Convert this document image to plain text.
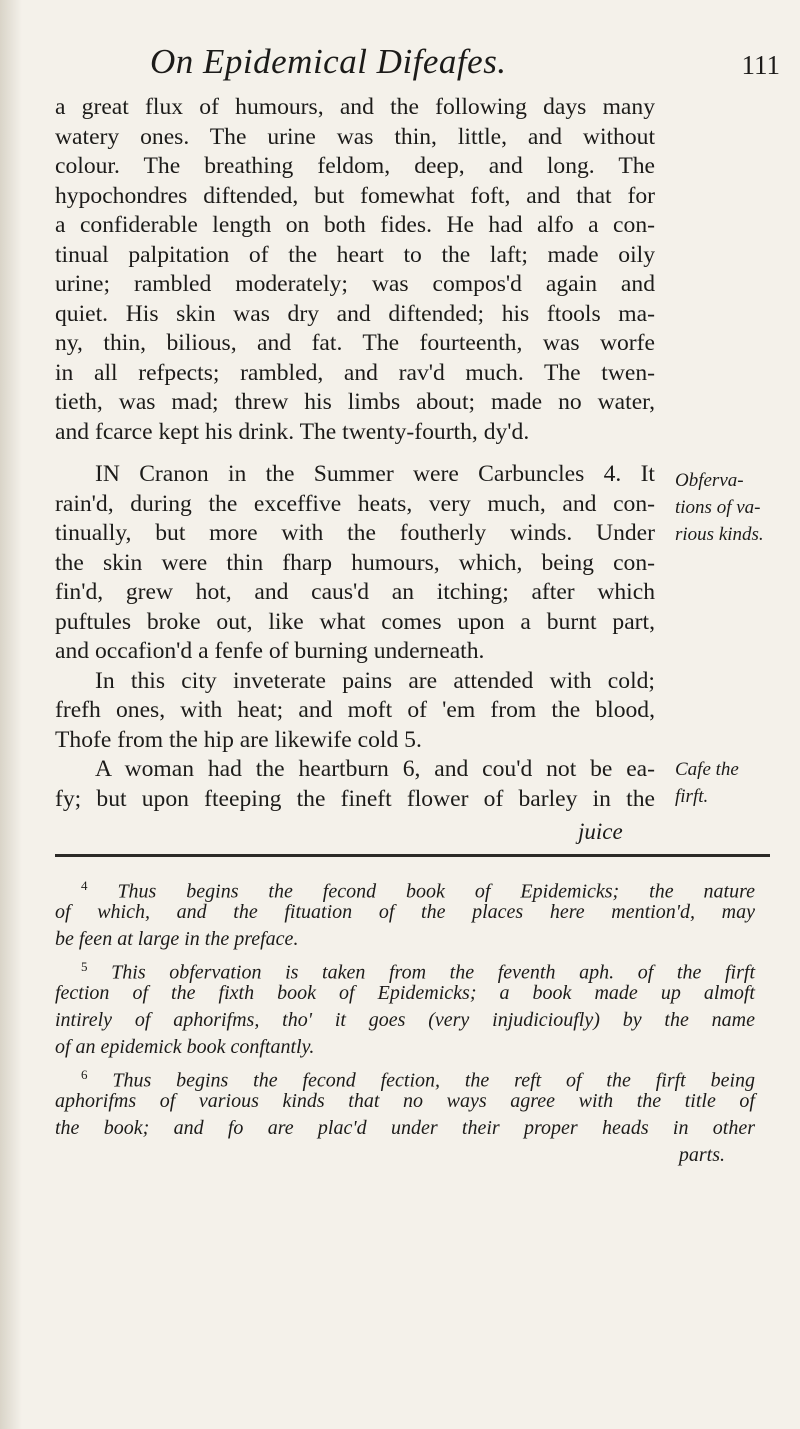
On Epidemical Difeafes.	111
a great flux of humours, and the following days many
watery ones. The urine was thin, little, and without
colour. The breathing feldom, deep, and long. The
hypochondres diftended, but fomewhat foft, and that for
a confiderable length on both fides. He had alfo a con-
tinual palpitation of the heart to the laft; made oily
urine; rambled moderately; was compos'd again and
quiet. His skin was dry and diftended; his ftools ma-
ny, thin, bilious, and fat. The fourteenth, was worfe
in all refpects; rambled, and rav'd much. The twen-
tieth, was mad; threw his limbs about; made no water,
and fcarce kept his drink. The twenty-fourth, dy'd.
IN Cranon in the Summer were Carbuncles 4. It
rain'd, during the exceffive heats, very much, and con-
tinually, but more with the foutherly winds. Under
the skin were thin fharp humours, which, being con-
fin'd, grew hot, and caus'd an itching; after which
puftules broke out, like what comes upon a burnt part,
and occafion'd a fenfe of burning underneath.
In this city inveterate pains are attended with cold;
frefh ones, with heat; and moft of 'em from the blood,
Thofe from the hip are likewife cold 5.
A woman had the heartburn 6, and cou'd not be ea-
fy; but upon fteeping the fineft flower of barley in the
Obferva-
tions of va-
rious kinds.
Cafe the
firft.
juice
$^4$ Thus begins the fecond book of Epidemicks; the nature
of which, and the fituation of the places here mention'd, may
be feen at large in the preface.
$^5$ This obfervation is taken from the feventh aph. of the firft
fection of the fixth book of Epidemicks; a book made up almoft
intirely of aphorifms, tho' it goes (very injudicioufly) by the name
of an epidemick book conftantly.
$^6$ Thus begins the fecond fection, the reft of the firft being
aphorifms of various kinds that no ways agree with the title of
the book; and fo are plac'd under their proper heads in other
parts.
